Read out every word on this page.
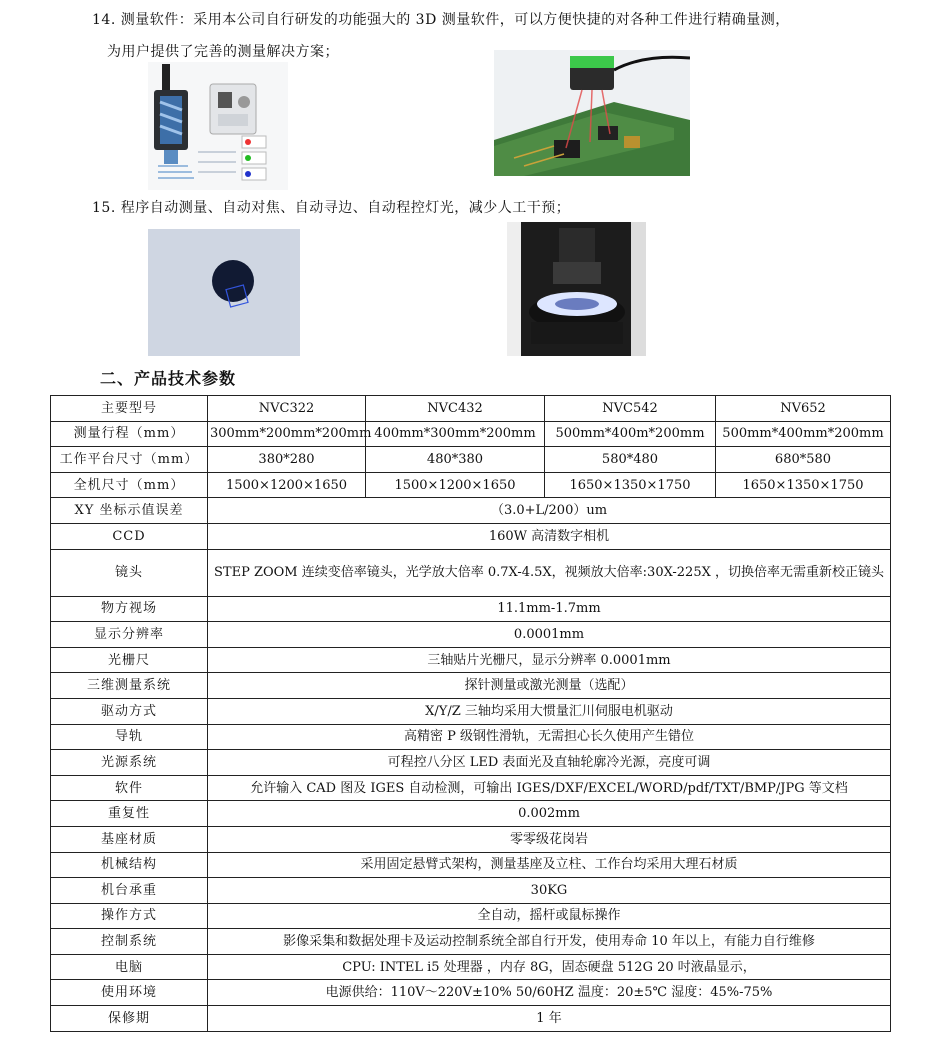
14. 测量软件：采用本公司自行研发的功能强大的 3D 测量软件，可以方便快捷的对各种工件进行精确量测，
为用户提供了完善的测量解决方案；
15. 程序自动测量、自动对焦、自动寻边、自动程控灯光，减少人工干预；
二、产品技术参数
主要型号	NVC322	NVC432	NVC542	NV652
测量行程（mm）	300mm*200mm*200mm	400mm*300mm*200mm	500mm*400m*200mm	500mm*400mm*200mm
工作平台尺寸（mm）	380*280	480*380	580*480	680*580
全机尺寸（mm）	1500×1200×1650	1500×1200×1650	1650×1350×1750	1650×1350×1750
XY 坐标示值误差	（3.0+L/200）um			
CCD	160W 高清数字相机			
镜头	STEP ZOOM 连续变倍率镜头，光学放大倍率 0.7X-4.5X，视频放大倍率:30X-225X ，切换倍率无需重新校正镜头			
物方视场	11.1mm-1.7mm			
显示分辨率	0.0001mm			
光栅尺	三轴贴片光栅尺，显示分辨率 0.0001mm			
三维测量系统	探针测量或激光测量（选配）			
驱动方式	X/Y/Z 三轴均采用大惯量汇川伺服电机驱动			
导轨	高精密 P 级钢性滑轨，无需担心长久使用产生错位			
光源系统	可程控八分区 LED 表面光及直轴轮廓冷光源，亮度可调			
软件	允许输入 CAD 图及 IGES 自动检测，可输出 IGES/DXF/EXCEL/WORD/pdf/TXT/BMP/JPG 等文档			
重复性	0.002mm			
基座材质	零零级花岗岩			
机械结构	采用固定悬臂式架构，测量基座及立柱、工作台均采用大理石材质			
机台承重	30KG			
操作方式	全自动，摇杆或鼠标操作			
控制系统	影像采集和数据处理卡及运动控制系统全部自行开发，使用寿命 10 年以上，有能力自行维修			
电脑	CPU: INTEL i5 处理器 ，内存 8G，固态硬盘 512G 20 吋液晶显示，			
使用环境	电源供给：110V～220V±10% 50/60HZ 温度：20±5℃ 湿度：45%-75%			
保修期	1 年			
